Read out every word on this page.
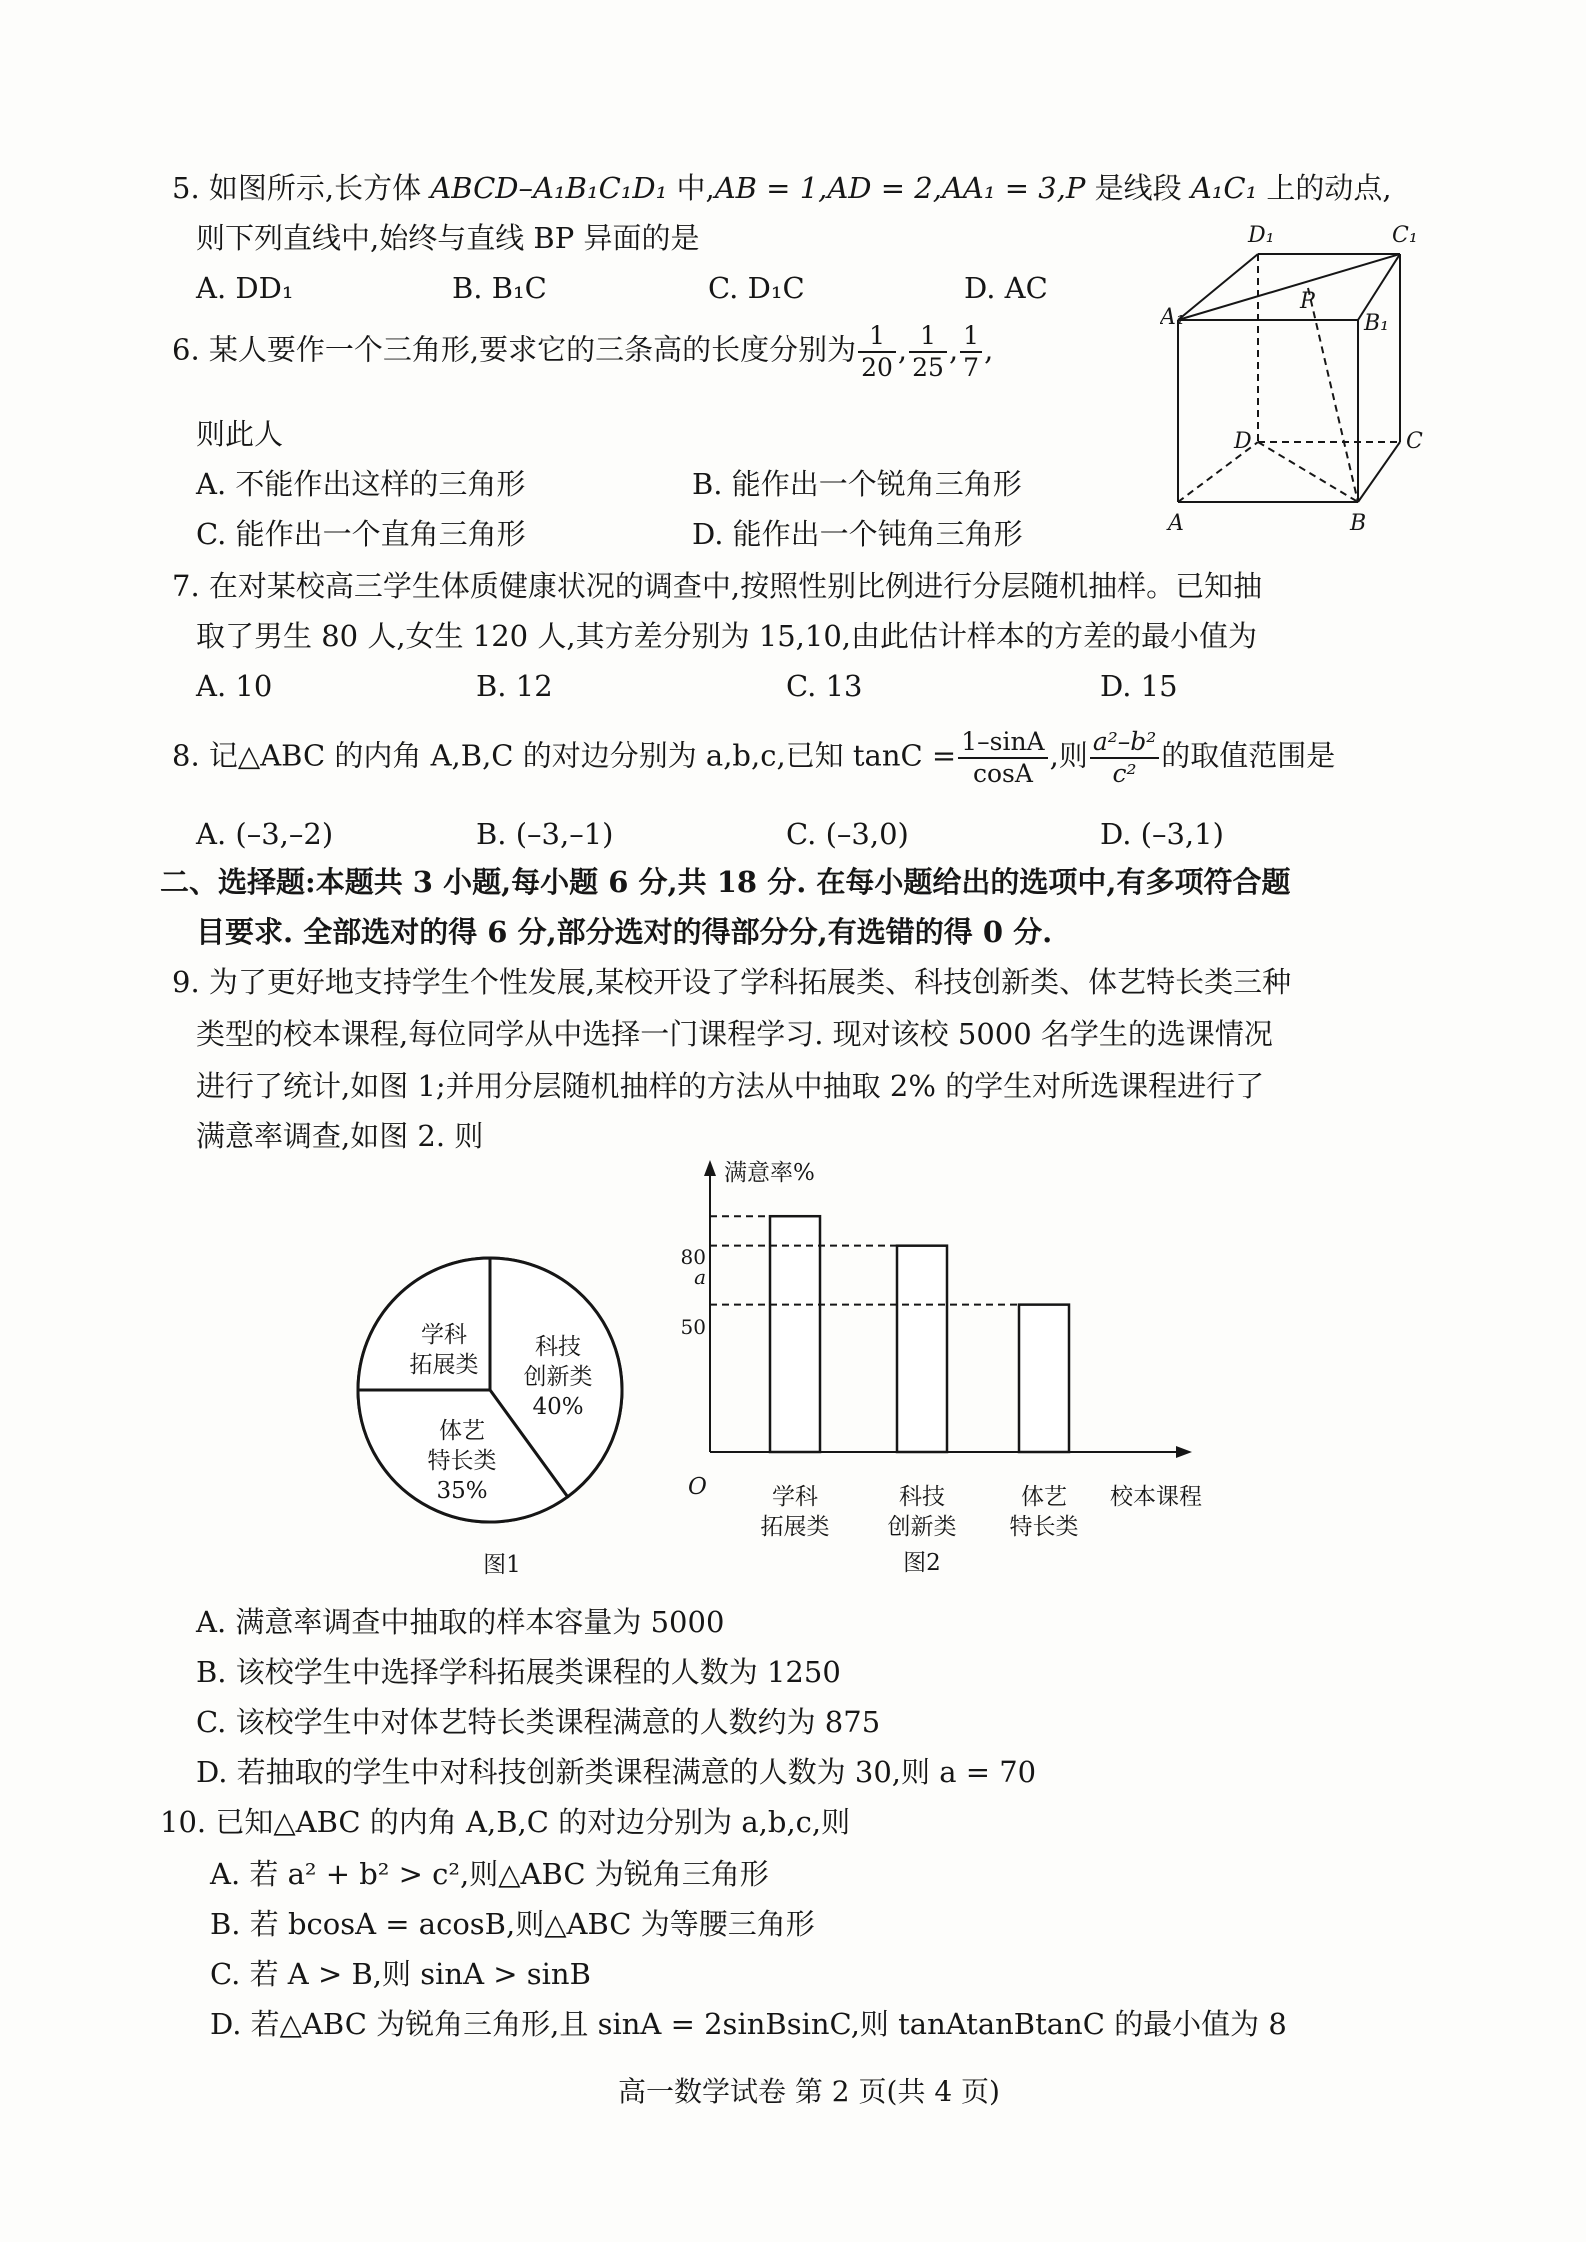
5. 如图所示,长方体 ABCD–A₁B₁C₁D₁ 中,AB = 1,AD = 2,AA₁ = 3,P 是线段 A₁C₁ 上的动点,
则下列直线中,始终与直线 BP 异面的是
A. DD₁	B. B₁C	C. D₁C	D. AC
D₁	C₁
A₁	B₁
P
D	C
A	B
6. 某人要作一个三角形,要求它的三条高的长度分别为 $\frac{1}{20}$ , $\frac{1}{25}$ , $\frac{1}{7}$ ,
则此人
A. 不能作出这样的三角形	B. 能作出一个锐角三角形
C. 能作出一个直角三角形	D. 能作出一个钝角三角形
7. 在对某校高三学生体质健康状况的调查中,按照性别比例进行分层随机抽样。已知抽
取了男生 80 人,女生 120 人,其方差分别为 15,10,由此估计样本的方差的最小值为
A. 10	B. 12	C. 13	D. 15
8. 记△ABC 的内角 A,B,C 的对边分别为 a,b,c,已知 $\tan C = \frac{1-\sin A}{\cos A}$ ,则 $\frac{\text{a²–b²}}{\text{c²}}$ 的取值范围是
A. (–3,–2)	B. (–3,–1)	C. (–3,0)	D. (–3,1)
二、选择题:本题共 3 小题,每小题 6 分,共 18 分. 在每小题给出的选项中,有多项符合题
目要求. 全部选对的得 6 分,部分选对的得部分分,有选错的得 0 分.
9. 为了更好地支持学生个性发展,某校开设了学科拓展类、科技创新类、体艺特长类三种
类型的校本课程,每位同学从中选择一门课程学习. 现对该校 5000 名学生的选课情况
进行了统计,如图 1;并用分层随机抽样的方法从中抽取 2% 的学生对所选课程进行了
满意率调查,如图 2. 则
学科
拓展类
科技
创新类
40%
体艺
特长类
35%
图1
满意率%
O
80
a
50
学科
拓展类
科技
创新类
体艺
特长类
校本课程
图2
A. 满意率调查中抽取的样本容量为 5000
B. 该校学生中选择学科拓展类课程的人数为 1250
C. 该校学生中对体艺特长类课程满意的人数约为 875
D. 若抽取的学生中对科技创新类课程满意的人数为 30,则 a = 70
10. 已知△ABC 的内角 A,B,C 的对边分别为 a,b,c,则
A. 若 a² + b² > c²,则△ABC 为锐角三角形
B. 若 bcosA = acosB,则△ABC 为等腰三角形
C. 若 A > B,则 sinA > sinB
D. 若△ABC 为锐角三角形,且 sinA = 2sinBsinC,则 tanAtanBtanC 的最小值为 8
高一数学试卷 第 2 页(共 4 页)
